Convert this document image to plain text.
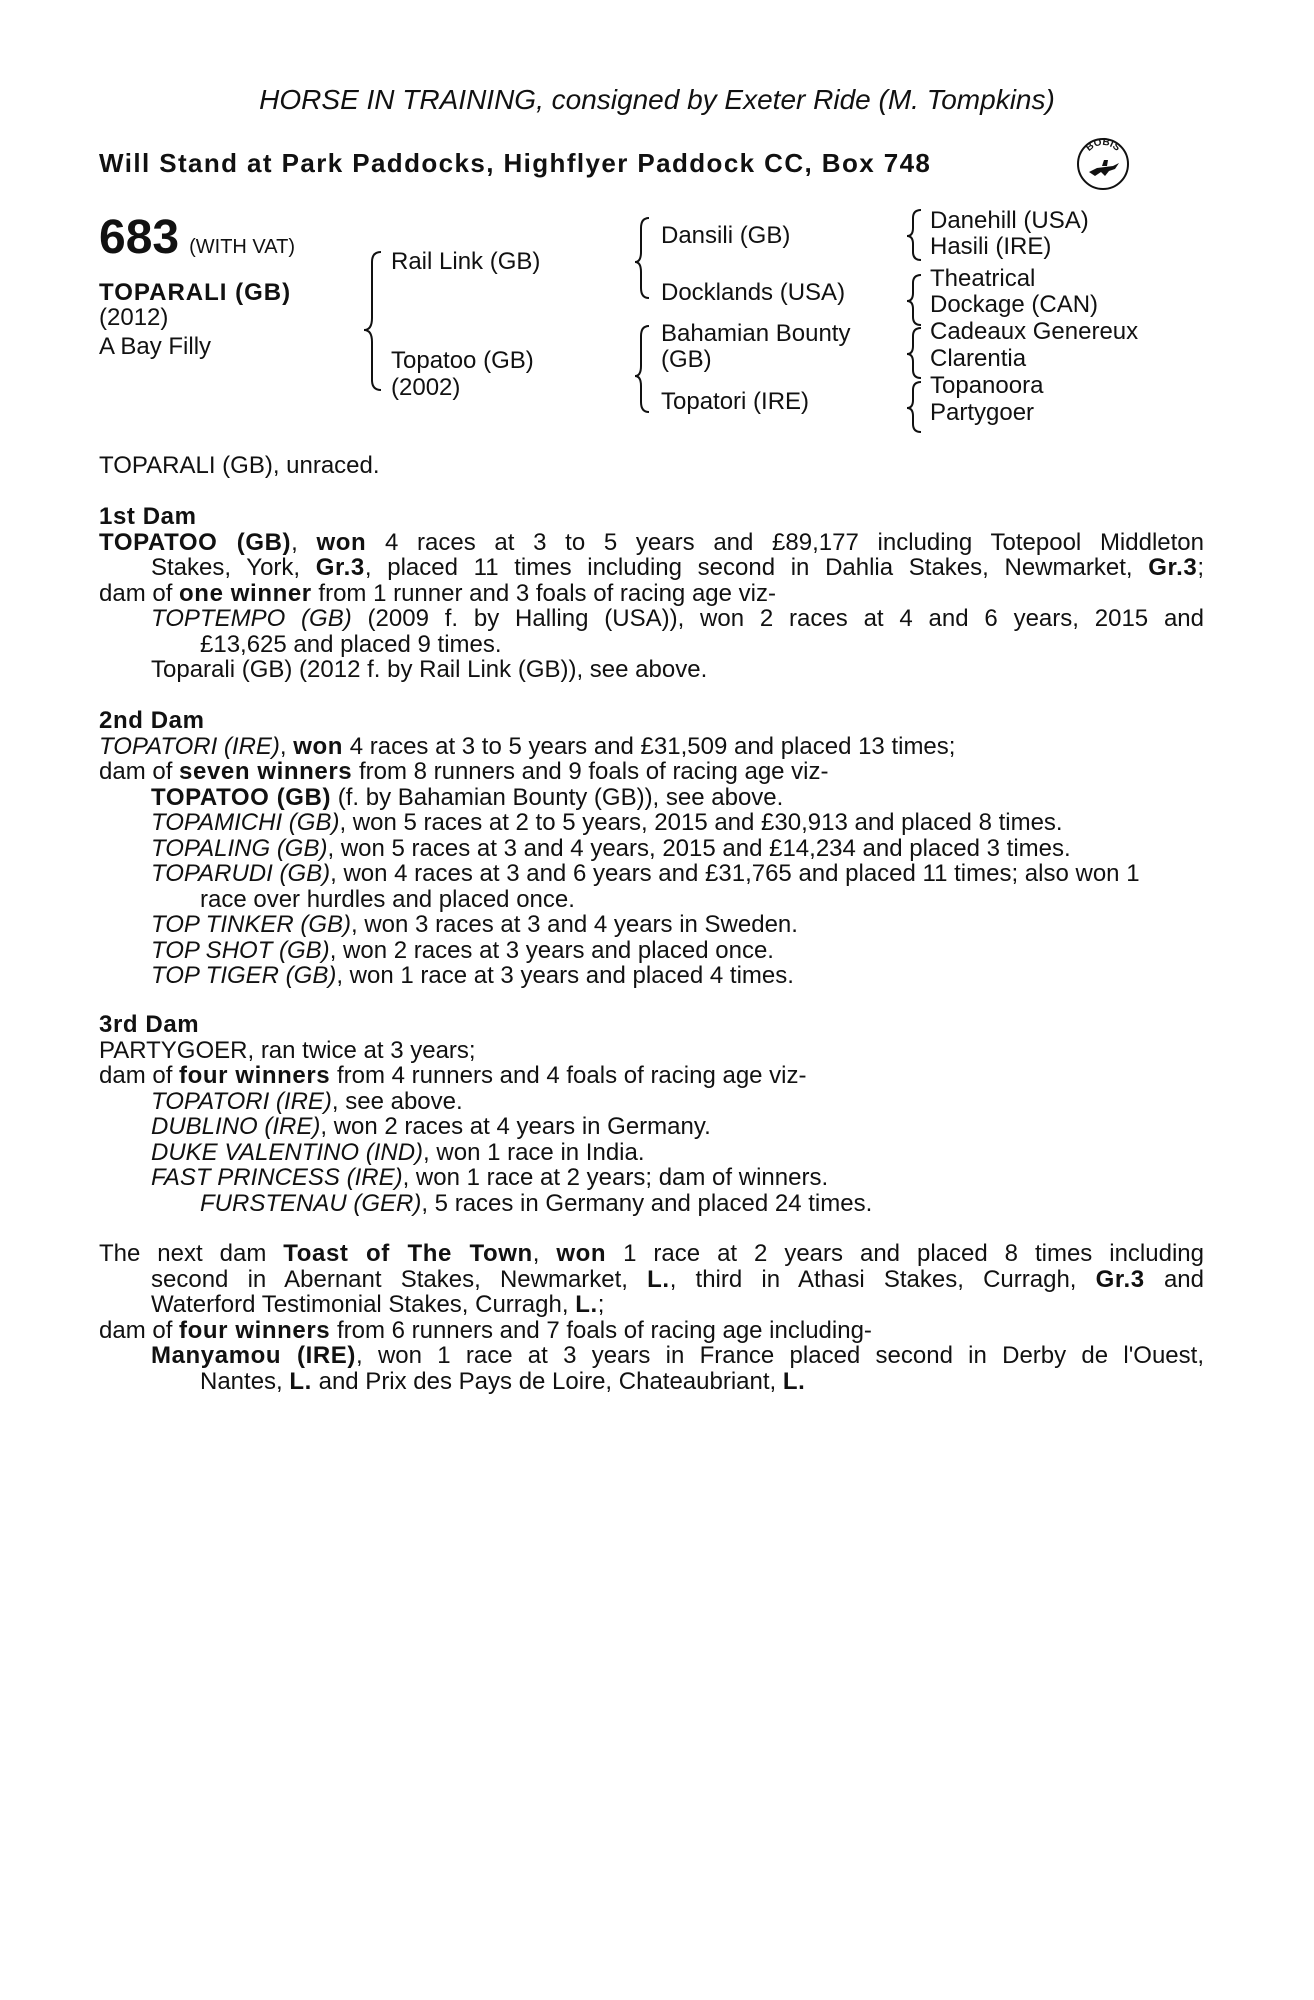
HORSE IN TRAINING, consigned by Exeter Ride (M. Tompkins)
Will Stand at Park Paddocks, Highflyer Paddock CC, Box 748
BOBIS
683 (WITH VAT)
TOPARALI (GB)
(2012)
A Bay Filly
Rail Link (GB)
Topatoo (GB)
(2002)
Dansili (GB)
Docklands (USA)
Bahamian Bounty
(GB)
Topatori (IRE)
Danehill (USA)
Hasili (IRE)
Theatrical
Dockage (CAN)
Cadeaux Genereux
Clarentia
Topanoora
Partygoer
TOPARALI (GB), unraced.
1st Dam
TOPATOO (GB), won 4 races at 3 to 5 years and £89,177 including Totepool Middleton
Stakes, York, Gr.3, placed 11 times including second in Dahlia Stakes, Newmarket, Gr.3;
dam of one winner from 1 runner and 3 foals of racing age viz-
TOPTEMPO (GB) (2009 f. by Halling (USA)), won 2 races at 4 and 6 years, 2015 and
£13,625 and placed 9 times.
Toparali (GB) (2012 f. by Rail Link (GB)), see above.
2nd Dam
TOPATORI (IRE), won 4 races at 3 to 5 years and £31,509 and placed 13 times;
dam of seven winners from 8 runners and 9 foals of racing age viz-
TOPATOO (GB) (f. by Bahamian Bounty (GB)), see above.
TOPAMICHI (GB), won 5 races at 2 to 5 years, 2015 and £30,913 and placed 8 times.
TOPALING (GB), won 5 races at 3 and 4 years, 2015 and £14,234 and placed 3 times.
TOPARUDI (GB), won 4 races at 3 and 6 years and £31,765 and placed 11 times; also won 1
race over hurdles and placed once.
TOP TINKER (GB), won 3 races at 3 and 4 years in Sweden.
TOP SHOT (GB), won 2 races at 3 years and placed once.
TOP TIGER (GB), won 1 race at 3 years and placed 4 times.
3rd Dam
PARTYGOER, ran twice at 3 years;
dam of four winners from 4 runners and 4 foals of racing age viz-
TOPATORI (IRE), see above.
DUBLINO (IRE), won 2 races at 4 years in Germany.
DUKE VALENTINO (IND), won 1 race in India.
FAST PRINCESS (IRE), won 1 race at 2 years; dam of winners.
FURSTENAU (GER), 5 races in Germany and placed 24 times.
The next dam Toast of The Town, won 1 race at 2 years and placed 8 times including
second in Abernant Stakes, Newmarket, L., third in Athasi Stakes, Curragh, Gr.3 and
Waterford Testimonial Stakes, Curragh, L.;
dam of four winners from 6 runners and 7 foals of racing age including-
Manyamou (IRE), won 1 race at 3 years in France placed second in Derby de l'Ouest,
Nantes, L. and Prix des Pays de Loire, Chateaubriant, L.
